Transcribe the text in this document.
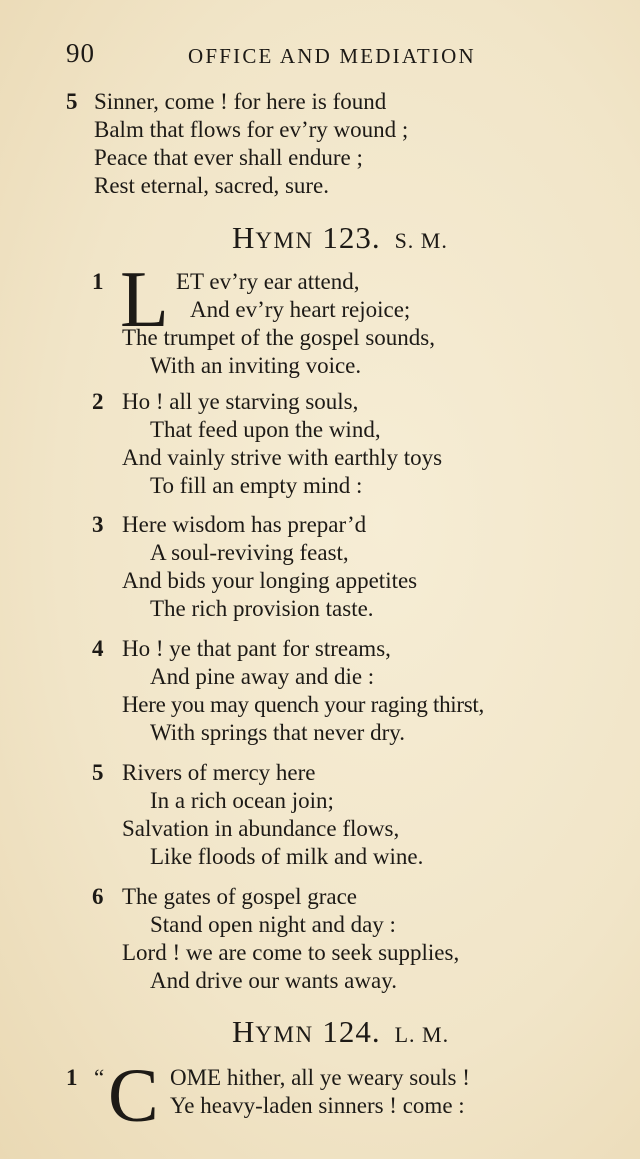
90	OFFICE AND MEDIATION
5 Sinner, come ! for here is found
Balm that flows for ev’ry wound ;
Peace that ever shall endure ;
Rest eternal, sacred, sure.
HYMN 123. S. M.
1 L ET ev’ry ear attend,
And ev’ry heart rejoice;
The trumpet of the gospel sounds,
With an inviting voice.
2 Ho ! all ye starving souls,
That feed upon the wind,
And vainly strive with earthly toys
To fill an empty mind :
3 Here wisdom has prepar’d
A soul-reviving feast,
And bids your longing appetites
The rich provision taste.
4 Ho ! ye that pant for streams,
And pine away and die :
Here you may quench your raging thirst,
With springs that never dry.
5 Rivers of mercy here
In a rich ocean join;
Salvation in abundance flows,
Like floods of milk and wine.
6 The gates of gospel grace
Stand open night and day :
Lord ! we are come to seek supplies,
And drive our wants away.
HYMN 124. L. M.
1 “ C OME hither, all ye weary souls !
Ye heavy-laden sinners ! come :
